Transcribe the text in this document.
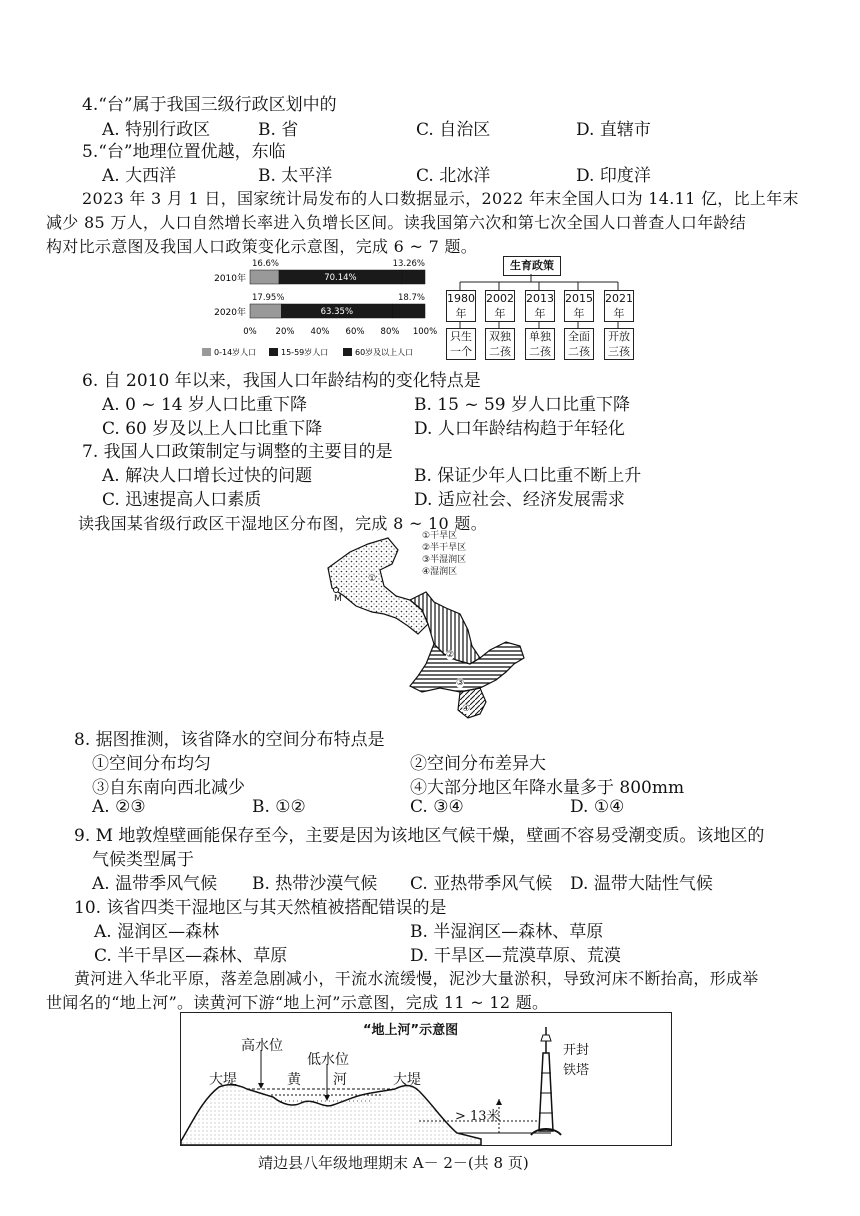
4.“台”属于我国三级行政区划中的
A. 特别行政区	B. 省	C. 自治区	D. 直辖市
5.“台”地理位置优越，东临
A. 大西洋	B. 太平洋	C. 北冰洋	D. 印度洋
2023 年 3 月 1 日，国家统计局发布的人口数据显示，2022 年末全国人口为 14.11 亿，比上年末
减少 85 万人，人口自然增长率进入负增长区间。读我国第六次和第七次全国人口普查人口年龄结
构对比示意图及我国人口政策变化示意图，完成 6 ~ 7 题。
2010年
16.6%
70.14%
13.26%
2020年
17.95%
63.35%
18.7%
0% 20% 40% 60% 80% 100%
0-14岁人口	15-59岁人口	60岁及以上人口
生育政策
1980
年
只生
一个
2002
年
双独
二孩
2013
年
单独
二孩
2015
年
全面
二孩
2021
年
开放
三孩
6. 自 2010 年以来，我国人口年龄结构的变化特点是
A. 0 ~ 14 岁人口比重下降	B. 15 ~ 59 岁人口比重下降
C. 60 岁及以上人口比重下降	D. 人口年龄结构趋于年轻化
7. 我国人口政策制定与调整的主要目的是
A. 解决人口增长过快的问题	B. 保证少年人口比重不断上升
C. 迅速提高人口素质	D. 适应社会、经济发展需求
读我国某省级行政区干湿地区分布图，完成 8 ~ 10 题。
①
②
③
④
M
①干旱区
②半干旱区
③半湿润区
④湿润区
8. 据图推测，该省降水的空间分布特点是
①空间分布均匀	②空间分布差异大
③自东南向西北减少	④大部分地区年降水量多于 800mm
A. ②③	B. ①②	C. ③④	D. ①④
9. M 地敦煌壁画能保存至今，主要是因为该地区气候干燥，壁画不容易受潮变质。该地区的
气候类型属于
A. 温带季风气候 B. 热带沙漠气候 C. 亚热带季风气候 D. 温带大陆性气候
10. 该省四类干湿地区与其天然植被搭配错误的是
A. 湿润区—森林	B. 半湿润区—森林、草原
C. 半干旱区—森林、草原	D. 干旱区—荒漠草原、荒漠
黄河进入华北平原，落差急剧减小，干流水流缓慢，泥沙大量淤积，导致河床不断抬高，形成举
世闻名的“地上河”。读黄河下游“地上河”示意图，完成 11 ~ 12 题。
“地上河”示意图
高水位
低水位
大堤	大堤
黄 河
开封
铁塔
> 13米
靖边县八年级地理期末 A－ 2－(共 8 页)
